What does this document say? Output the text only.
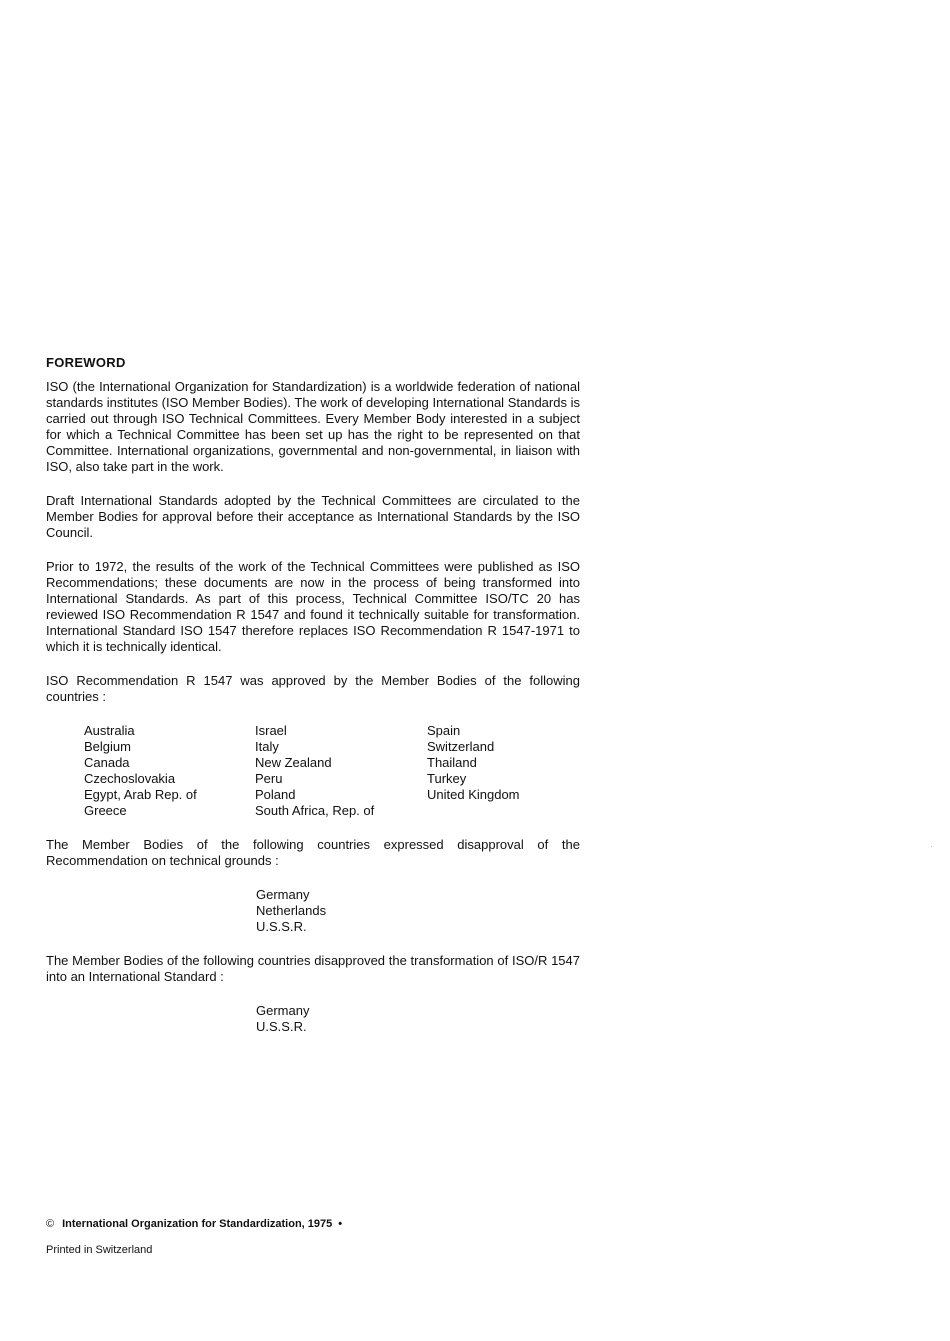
FOREWORD

ISO (the International Organization for Standardization) is a worldwide federation of national standards institutes (ISO Member Bodies). The work of developing International Standards is carried out through ISO Technical Committees. Every Member Body interested in a subject for which a Technical Committee has been set up has the right to be represented on that Committee. International organizations, governmental and non-governmental, in liaison with ISO, also take part in the work.

Draft International Standards adopted by the Technical Committees are circulated to the Member Bodies for approval before their acceptance as International Standards by the ISO Council.

Prior to 1972, the results of the work of the Technical Committees were published as ISO Recommendations; these documents are now in the process of being transformed into International Standards. As part of this process, Technical Committee ISO/TC 20 has reviewed ISO Recommendation R 1547 and found it technically suitable for transformation. International Standard ISO 1547 therefore replaces ISO Recommendation R 1547-1971 to which it is technically identical.

ISO Recommendation R 1547 was approved by the Member Bodies of the following countries :

Australia
Belgium
Canada
Czechoslovakia
Egypt, Arab Rep. of
Greece
Israel
Italy
New Zealand
Peru
Poland
South Africa, Rep. of
Spain
Switzerland
Thailand
Turkey
United Kingdom

The Member Bodies of the following countries expressed disapproval of the Recommendation on technical grounds :

Germany
Netherlands
U.S.S.R.

The Member Bodies of the following countries disapproved the transformation of ISO/R 1547 into an International Standard :

Germany
U.S.S.R.
© International Organization for Standardization, 1975 •
Printed in Switzerland
